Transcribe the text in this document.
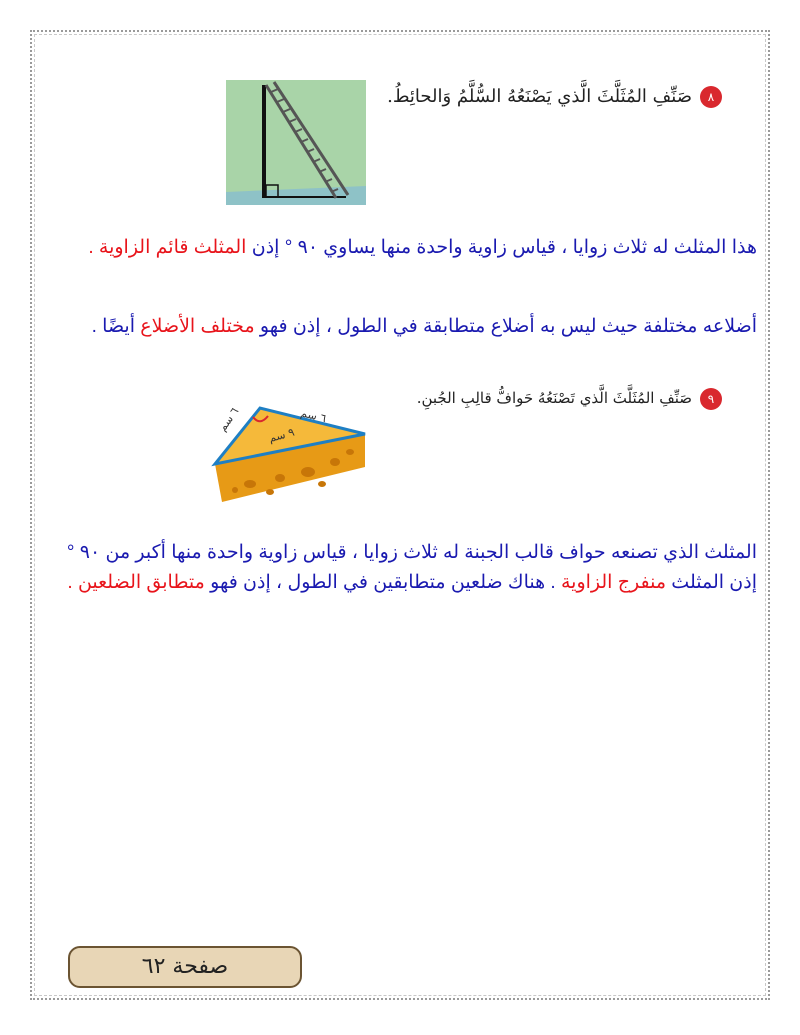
٨صَنِّفِ المُثَلَّثَ الَّذي يَصْنَعُهُ السُّلَّمُ وَالحائِطُ.
هذا المثلث له ثلاث زوايا ، قياس زاوية واحدة منها يساوي ٩٠ ° إذن المثلث قائم الزاوية .
أضلاعه مختلفة حيث ليس به أضلاع متطابقة في الطول ، إذن فهو مختلف الأضلاع أيضًا .
٩صَنِّفِ المُثَلَّثَ الَّذي تَصْنَعُهُ حَوافُّ قالِبِ الجُبنِ.
٦ سم	٦ سم
٩ سم
المثلث الذي تصنعه حواف قالب الجبنة له ثلاث زوايا ، قياس زاوية واحدة منها أكبر من ٩٠ ° إذن المثلث منفرج الزاوية . هناك ضلعين متطابقين في الطول ، إذن فهو متطابق الضلعين .
صفحة ٦٢
